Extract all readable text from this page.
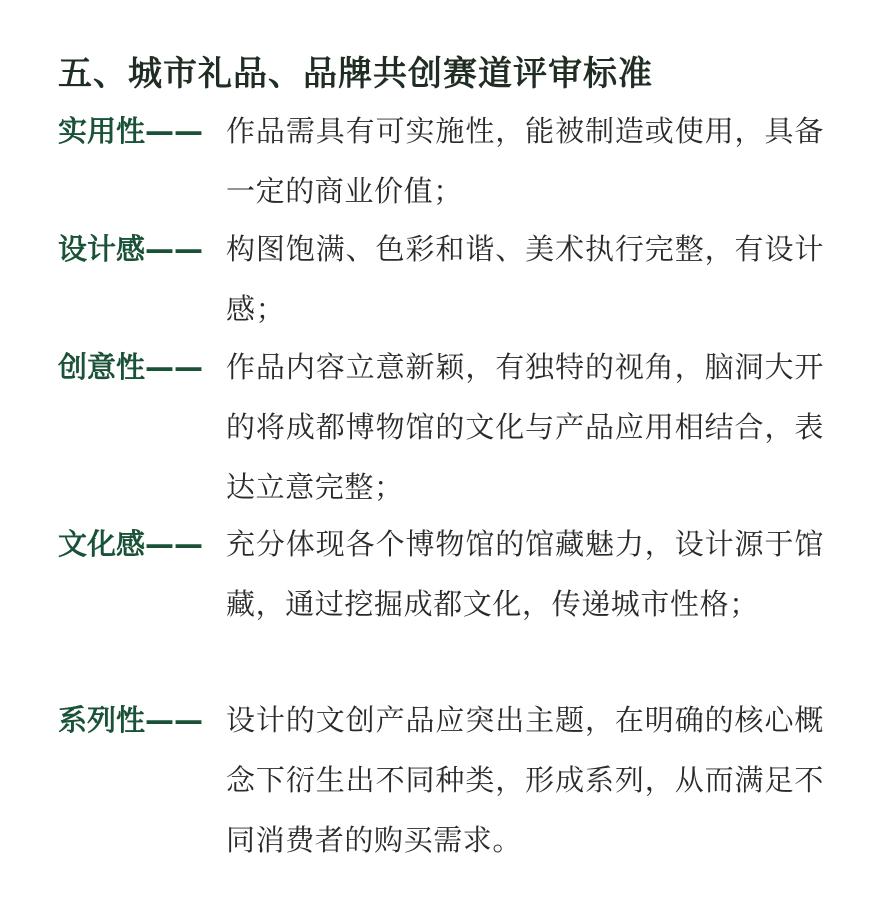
五、城市礼品、品牌共创赛道评审标准
实用性—— 作品需具有可实施性，能被制造或使用，具备一定的商业价值；
设计感—— 构图饱满、色彩和谐、美术执行完整，有设计感；
创意性—— 作品内容立意新颖，有独特的视角，脑洞大开的将成都博物馆的文化与产品应用相结合，表达立意完整；
文化感—— 充分体现各个博物馆的馆藏魅力，设计源于馆藏，通过挖掘成都文化，传递城市性格；
系列性—— 设计的文创产品应突出主题，在明确的核心概念下衍生出不同种类，形成系列，从而满足不同消费者的购买需求。
